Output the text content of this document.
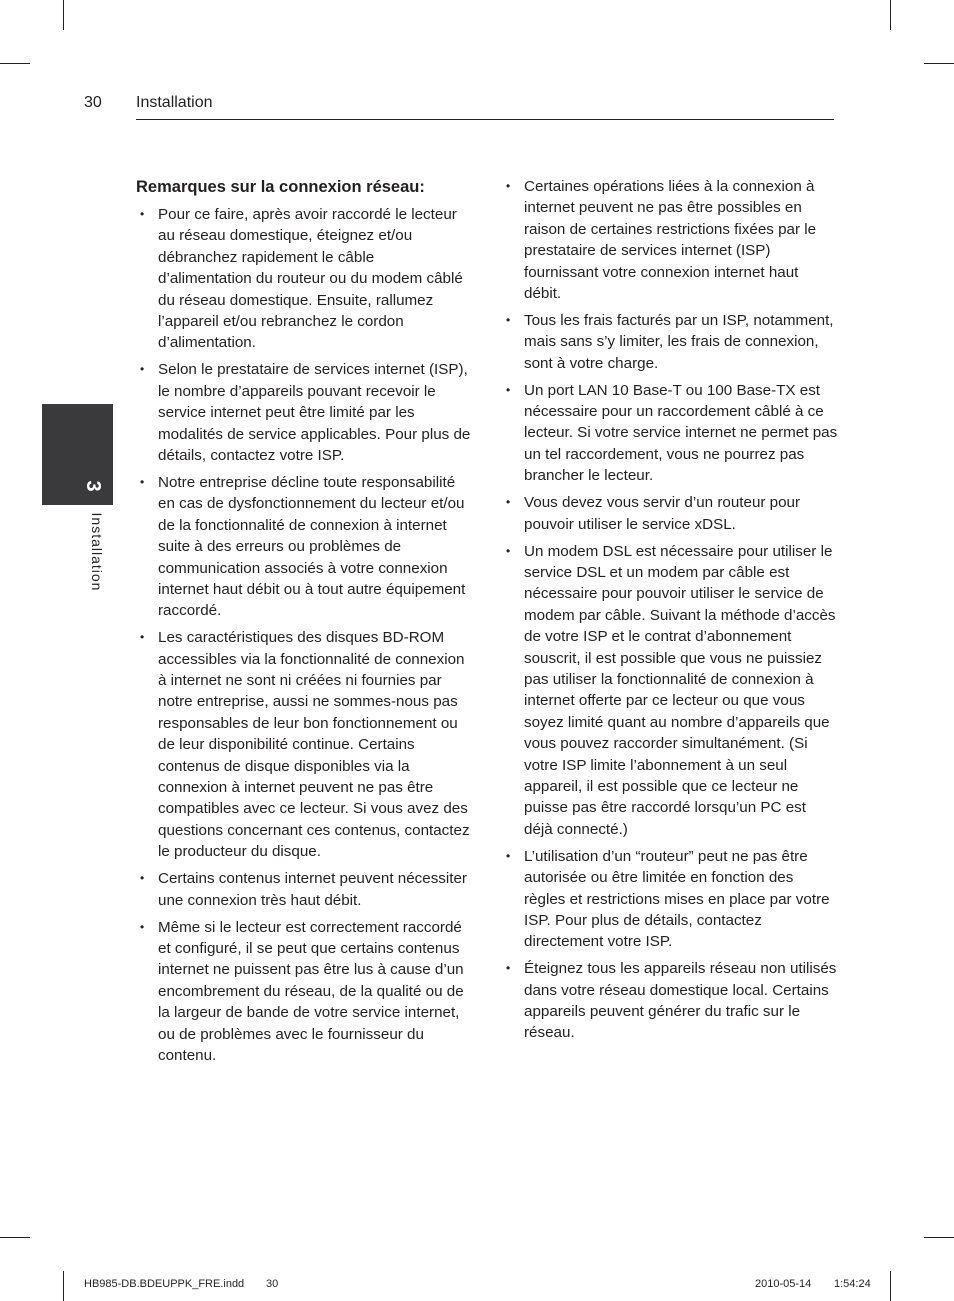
30 Installation
3
Installation
Remarques sur la connexion réseau:
• Pour ce faire, après avoir raccordé le lecteur au réseau domestique, éteignez et/ou débranchez rapidement le câble d’alimentation du routeur ou du modem câblé du réseau domestique. Ensuite, rallumez l’appareil et/ou rebranchez le cordon d’alimentation.
• Selon le prestataire de services internet (ISP), le nombre d’appareils pouvant recevoir le service internet peut être limité par les modalités de service applicables. Pour plus de détails, contactez votre ISP.
• Notre entreprise décline toute responsabilité en cas de dysfonctionnement du lecteur et/ou de la fonctionnalité de connexion à internet suite à des erreurs ou problèmes de communication associés à votre connexion internet haut débit ou à tout autre équipement raccordé.
• Les caractéristiques des disques BD-ROM accessibles via la fonctionnalité de connexion à internet ne sont ni créées ni fournies par notre entreprise, aussi ne sommes-nous pas responsables de leur bon fonctionnement ou de leur disponibilité continue. Certains contenus de disque disponibles via la connexion à internet peuvent ne pas être compatibles avec ce lecteur. Si vous avez des questions concernant ces contenus, contactez le producteur du disque.
• Certains contenus internet peuvent nécessiter une connexion très haut débit.
• Même si le lecteur est correctement raccordé et configuré, il se peut que certains contenus internet ne puissent pas être lus à cause d’un encombrement du réseau, de la qualité ou de la largeur de bande de votre service internet, ou de problèmes avec le fournisseur du contenu.
• Certaines opérations liées à la connexion à internet peuvent ne pas être possibles en raison de certaines restrictions fixées par le prestataire de services internet (ISP) fournissant votre connexion internet haut débit.
• Tous les frais facturés par un ISP, notamment, mais sans s’y limiter, les frais de connexion, sont à votre charge.
• Un port LAN 10 Base-T ou 100 Base-TX est nécessaire pour un raccordement câblé à ce lecteur. Si votre service internet ne permet pas un tel raccordement, vous ne pourrez pas brancher le lecteur.
• Vous devez vous servir d’un routeur pour pouvoir utiliser le service xDSL.
• Un modem DSL est nécessaire pour utiliser le service DSL et un modem par câble est nécessaire pour pouvoir utiliser le service de modem par câble. Suivant la méthode d’accès de votre ISP et le contrat d’abonnement souscrit, il est possible que vous ne puissiez pas utiliser la fonctionnalité de connexion à internet offerte par ce lecteur ou que vous soyez limité quant au nombre d’appareils que vous pouvez raccorder simultanément. (Si votre ISP limite l’abonnement à un seul appareil, il est possible que ce lecteur ne puisse pas être raccordé lorsqu’un PC est déjà connecté.)
• L’utilisation d’un “routeur” peut ne pas être autorisée ou être limitée en fonction des règles et restrictions mises en place par votre ISP. Pour plus de détails, contactez directement votre ISP.
• Éteignez tous les appareils réseau non utilisés dans votre réseau domestique local. Certains appareils peuvent générer du trafic sur le réseau.
HB985-DB.BDEUPPK_FRE.indd 30	2010-05-14 1:54:24
